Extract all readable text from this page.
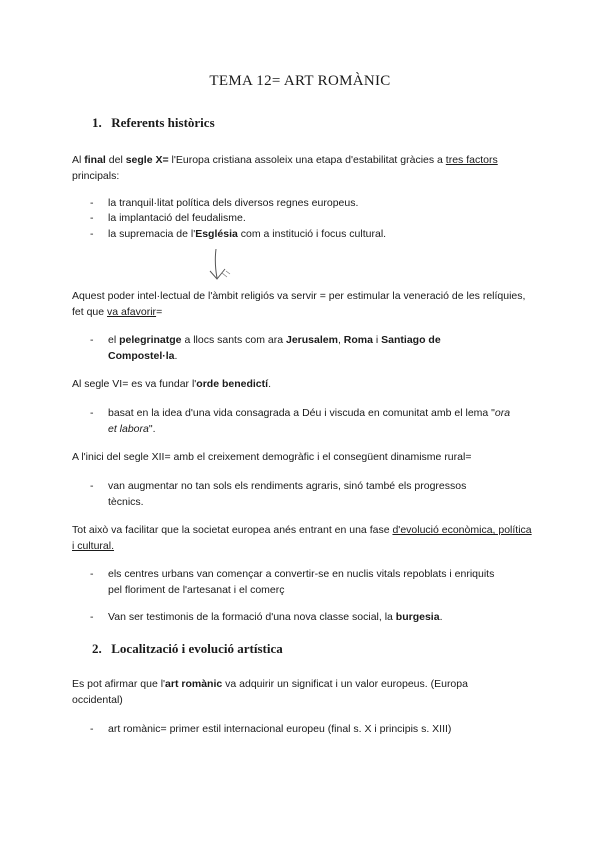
TEMA 12= ART ROMÀNIC
1. Referents històrics

Al final del segle X= l'Europa cristiana assoleix una etapa d'estabilitat gràcies a tres factors principals:

- la tranquil·litat política dels diversos regnes europeus.

- la implantació del feudalisme.

- la supremacia de l'Església com a institució i focus cultural.

Aquest poder intel·lectual de l'àmbit religiós va servir = per estimular la veneració de les relíquies, fet que va afavorir=

- el pelegrinatge a llocs sants com ara Jerusalem, Roma i Santiago de Compostel·la.

Al segle VI= es va fundar l'orde benedictí.

- basat en la idea d'una vida consagrada a Déu i viscuda en comunitat amb el lema "ora et labora".

A l'inici del segle XII= amb el creixement demogràfic i el consegüent dinamisme rural=

- van augmentar no tan sols els rendiments agraris, sinó també els progressos tècnics.

Tot això va facilitar que la societat europea anés entrant en una fase d'evolució econòmica, política i cultural.

- els centres urbans van començar a convertir-se en nuclis vitals repoblats i enriquits pel floriment de l'artesanat i el comerç

- Van ser testimonis de la formació d'una nova classe social, la burgesia.

2. Localització i evolució artística

Es pot afirmar que l'art romànic va adquirir un significat i un valor europeus. (Europa occidental)

- art romànic= primer estil internacional europeu (final s. X i principis s. XIII)
